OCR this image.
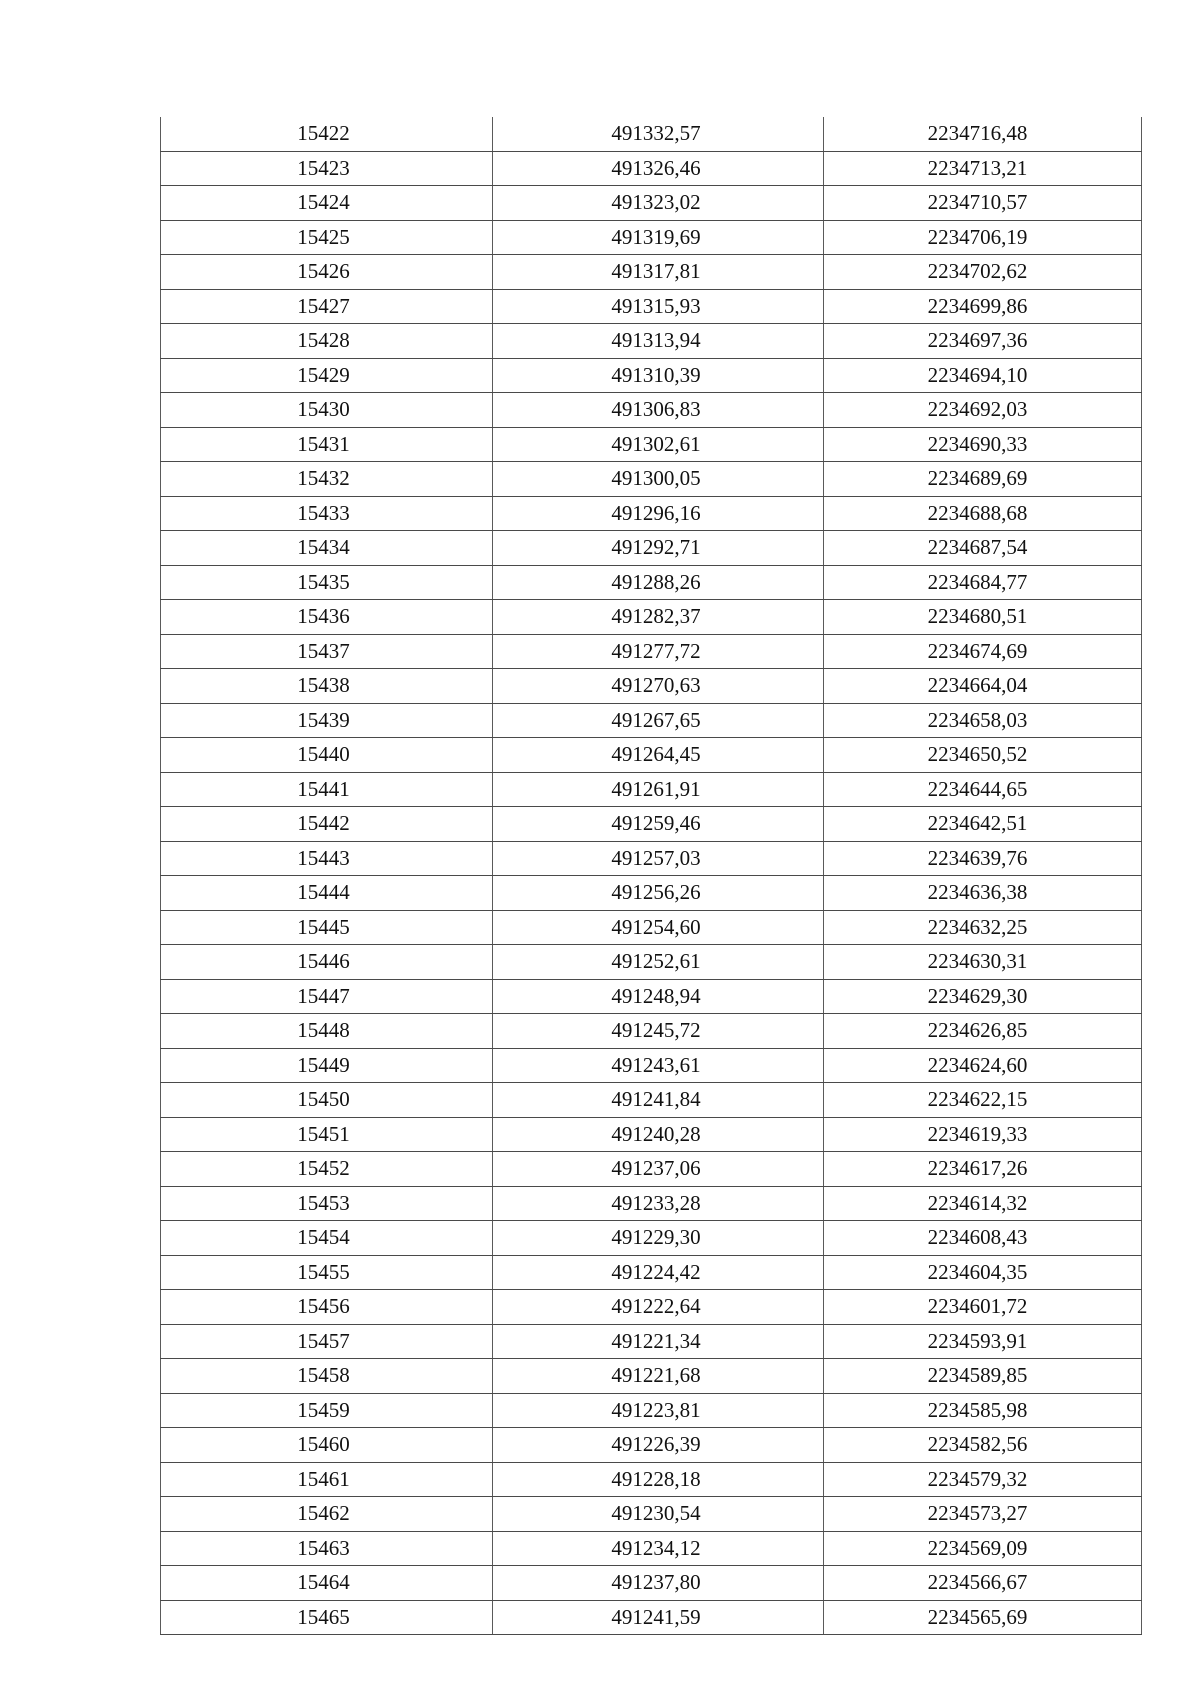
15422	491332,57	2234716,48
15423	491326,46	2234713,21
15424	491323,02	2234710,57
15425	491319,69	2234706,19
15426	491317,81	2234702,62
15427	491315,93	2234699,86
15428	491313,94	2234697,36
15429	491310,39	2234694,10
15430	491306,83	2234692,03
15431	491302,61	2234690,33
15432	491300,05	2234689,69
15433	491296,16	2234688,68
15434	491292,71	2234687,54
15435	491288,26	2234684,77
15436	491282,37	2234680,51
15437	491277,72	2234674,69
15438	491270,63	2234664,04
15439	491267,65	2234658,03
15440	491264,45	2234650,52
15441	491261,91	2234644,65
15442	491259,46	2234642,51
15443	491257,03	2234639,76
15444	491256,26	2234636,38
15445	491254,60	2234632,25
15446	491252,61	2234630,31
15447	491248,94	2234629,30
15448	491245,72	2234626,85
15449	491243,61	2234624,60
15450	491241,84	2234622,15
15451	491240,28	2234619,33
15452	491237,06	2234617,26
15453	491233,28	2234614,32
15454	491229,30	2234608,43
15455	491224,42	2234604,35
15456	491222,64	2234601,72
15457	491221,34	2234593,91
15458	491221,68	2234589,85
15459	491223,81	2234585,98
15460	491226,39	2234582,56
15461	491228,18	2234579,32
15462	491230,54	2234573,27
15463	491234,12	2234569,09
15464	491237,80	2234566,67
15465	491241,59	2234565,69
